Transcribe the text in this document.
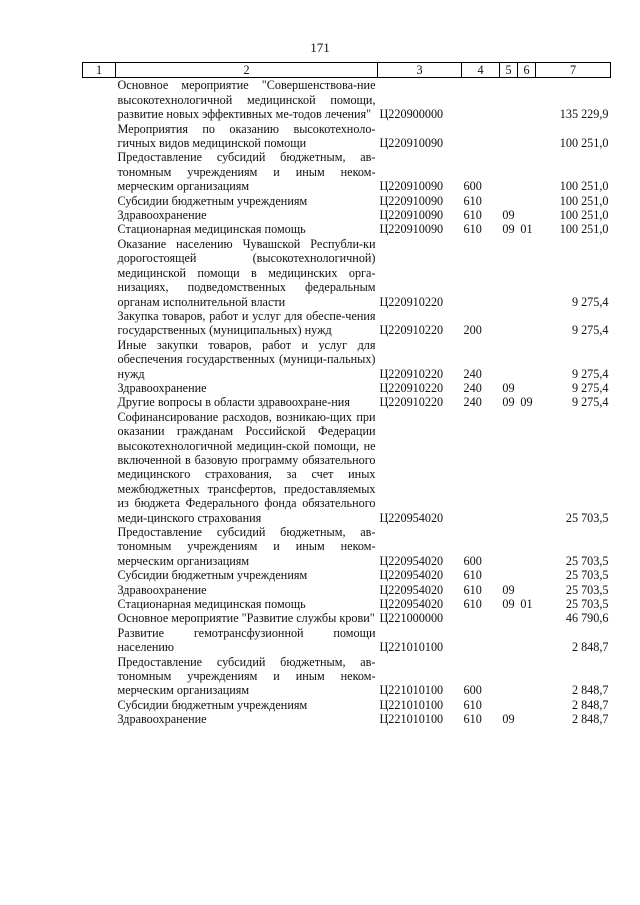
171
1	2	3	4	5	6	7
	Основное мероприятие "Совершенствова-ние высокотехнологичной медицинской помощи, развитие новых эффективных ме-тодов лечения"	Ц220900000				135 229,9
	Мероприятия по оказанию высокотехноло-гичных видов медицинской помощи	Ц220910090				100 251,0
	Предоставление субсидий бюджетным, ав-тономным учреждениям и иным неком-мерческим организациям	Ц220910090	600			100 251,0
	Субсидии бюджетным учреждениям	Ц220910090	610			100 251,0
	Здравоохранение	Ц220910090	610	09		100 251,0
	Стационарная медицинская помощь	Ц220910090	610	09	01	100 251,0
	Оказание населению Чувашской Республи-ки дорогостоящей (высокотехнологичной) медицинской помощи в медицинских орга-низациях, подведомственных федеральным органам исполнительной власти	Ц220910220				9 275,4
	Закупка товаров, работ и услуг для обеспе-чения государственных (муниципальных) нужд	Ц220910220	200			9 275,4
	Иные закупки товаров, работ и услуг для обеспечения государственных (муници-пальных) нужд	Ц220910220	240			9 275,4
	Здравоохранение	Ц220910220	240	09		9 275,4
	Другие вопросы в области здравоохране-ния	Ц220910220	240	09	09	9 275,4
	Софинансирование расходов, возникаю-щих при оказании гражданам Российской Федерации высокотехнологичной медицин-ской помощи, не включенной в базовую программу обязательного медицинского страхования, за счет иных межбюджетных трансфертов, предоставляемых из бюджета Федерального фонда обязательного меди-цинского страхования	Ц220954020				25 703,5
	Предоставление субсидий бюджетным, ав-тономным учреждениям и иным неком-мерческим организациям	Ц220954020	600			25 703,5
	Субсидии бюджетным учреждениям	Ц220954020	610			25 703,5
	Здравоохранение	Ц220954020	610	09		25 703,5
	Стационарная медицинская помощь	Ц220954020	610	09	01	25 703,5
	Основное мероприятие "Развитие службы крови"	Ц221000000				46 790,6
	Развитие гемотрансфузионной помощи населению	Ц221010100				2 848,7
	Предоставление субсидий бюджетным, ав-тономным учреждениям и иным неком-мерческим организациям	Ц221010100	600			2 848,7
	Субсидии бюджетным учреждениям	Ц221010100	610			2 848,7
	Здравоохранение	Ц221010100	610	09		2 848,7
